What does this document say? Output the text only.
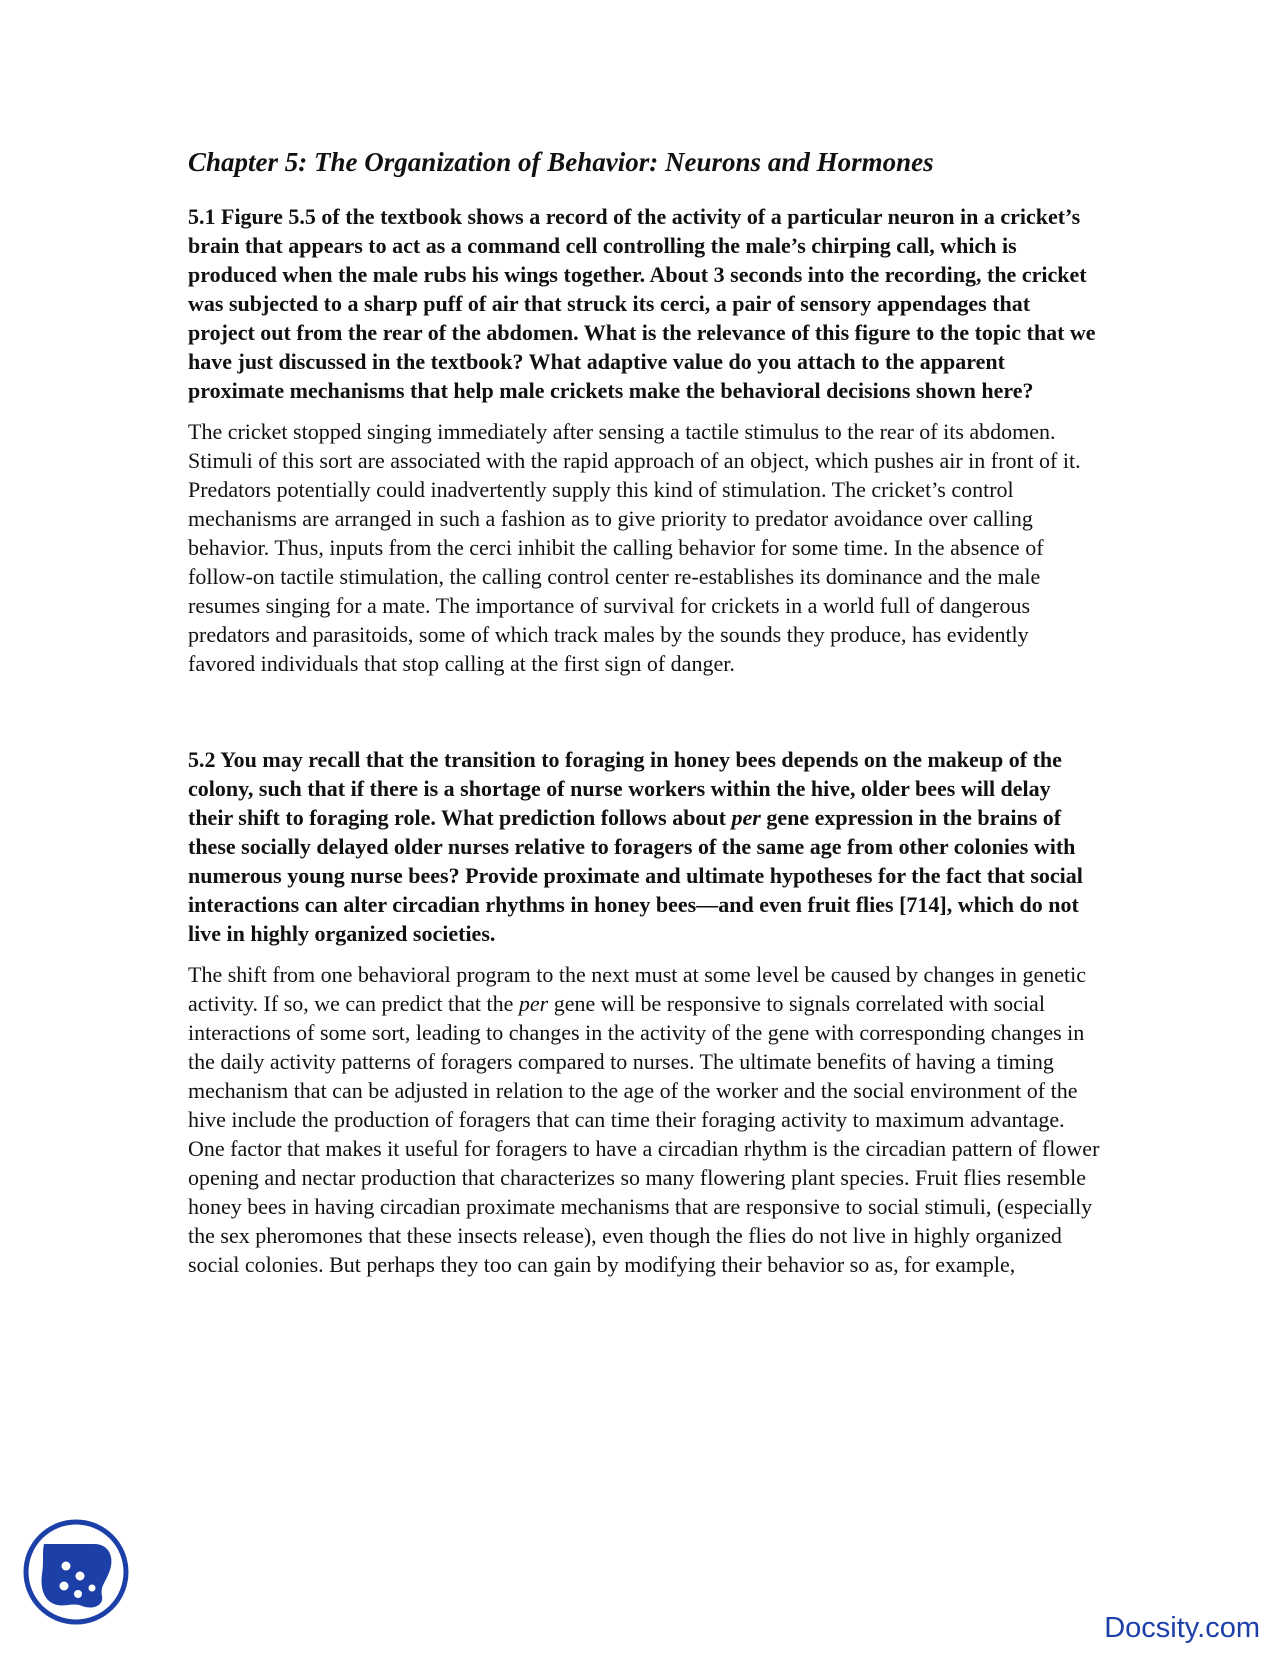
Chapter 5: The Organization of Behavior: Neurons and Hormones

5.1 Figure 5.5 of the textbook shows a record of the activity of a particular neuron in a cricket’s brain that appears to act as a command cell controlling the male’s chirping call, which is produced when the male rubs his wings together. About 3 seconds into the recording, the cricket was subjected to a sharp puff of air that struck its cerci, a pair of sensory appendages that project out from the rear of the abdomen. What is the relevance of this figure to the topic that we have just discussed in the textbook? What adaptive value do you attach to the apparent proximate mechanisms that help male crickets make the behavioral decisions shown here?

The cricket stopped singing immediately after sensing a tactile stimulus to the rear of its abdomen. Stimuli of this sort are associated with the rapid approach of an object, which pushes air in front of it. Predators potentially could inadvertently supply this kind of stimulation. The cricket’s control mechanisms are arranged in such a fashion as to give priority to predator avoidance over calling behavior. Thus, inputs from the cerci inhibit the calling behavior for some time. In the absence of follow-on tactile stimulation, the calling control center re-establishes its dominance and the male resumes singing for a mate. The importance of survival for crickets in a world full of dangerous predators and parasitoids, some of which track males by the sounds they produce, has evidently favored individuals that stop calling at the first sign of danger.

5.2 You may recall that the transition to foraging in honey bees depends on the makeup of the colony, such that if there is a shortage of nurse workers within the hive, older bees will delay their shift to foraging role. What prediction follows about per gene expression in the brains of these socially delayed older nurses relative to foragers of the same age from other colonies with numerous young nurse bees? Provide proximate and ultimate hypotheses for the fact that social interactions can alter circadian rhythms in honey bees—and even fruit flies [714], which do not live in highly organized societies.

The shift from one behavioral program to the next must at some level be caused by changes in genetic activity. If so, we can predict that the per gene will be responsive to signals correlated with social interactions of some sort, leading to changes in the activity of the gene with corresponding changes in the daily activity patterns of foragers compared to nurses. The ultimate benefits of having a timing mechanism that can be adjusted in relation to the age of the worker and the social environment of the hive include the production of foragers that can time their foraging activity to maximum advantage. One factor that makes it useful for foragers to have a circadian rhythm is the circadian pattern of flower opening and nectar production that characterizes so many flowering plant species. Fruit flies resemble honey bees in having circadian proximate mechanisms that are responsive to social stimuli, (especially the sex pheromones that these insects release), even though the flies do not live in highly organized social colonies. But perhaps they too can gain by modifying their behavior so as, for example,

Docsity.com
